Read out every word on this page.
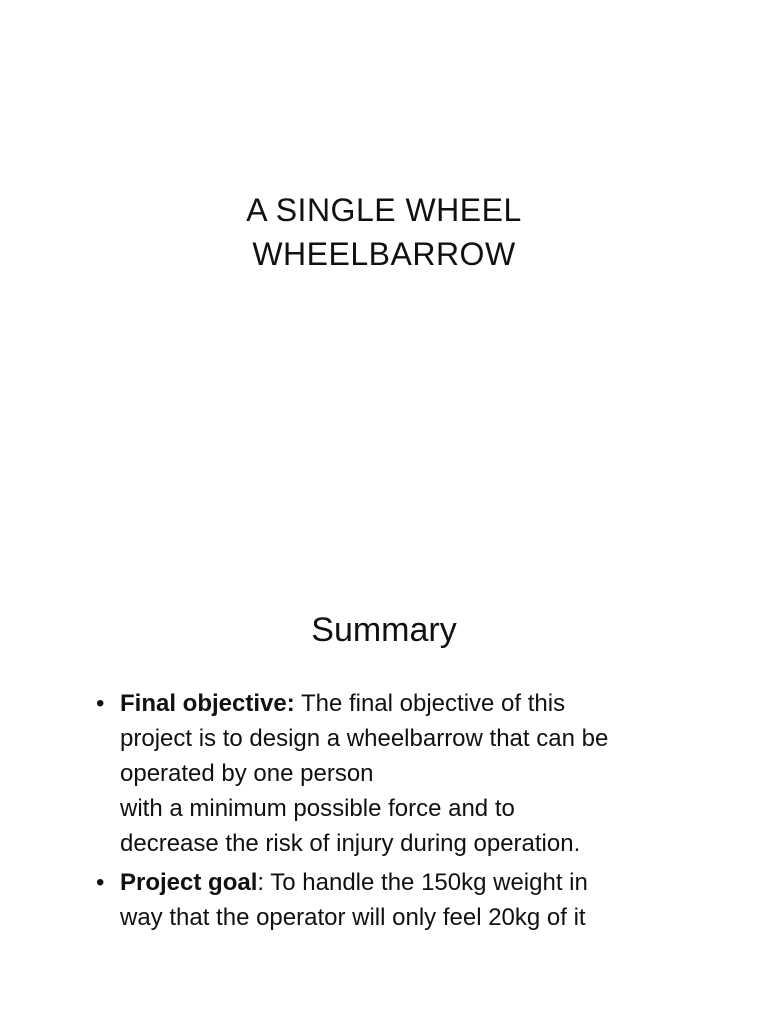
A SINGLE WHEEL
WHEELBARROW
Summary
• Final objective: The final objective of this
project is to design a wheelbarrow that can be
operated by one person
with a minimum possible force and to
decrease the risk of injury during operation.
• Project goal: To handle the 150kg weight in
way that the operator will only feel 20kg of it
